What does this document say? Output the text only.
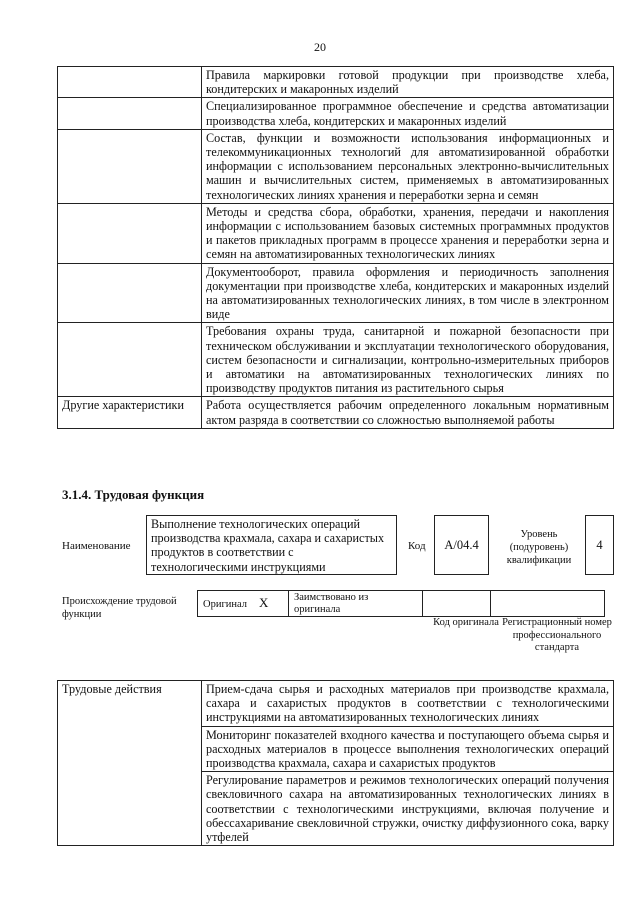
20
	Правила маркировки готовой продукции при производстве хлеба, кондитерских и макаронных изделий
	Специализированное программное обеспечение и средства автоматизации производства хлеба, кондитерских и макаронных изделий
	Состав, функции и возможности использования информационных и телекоммуникационных технологий для автоматизированной обработки информации с использованием персональных электронно-вычислительных машин и вычислительных систем, применяемых в автоматизированных технологических линиях хранения и переработки зерна и семян
	Методы и средства сбора, обработки, хранения, передачи и накопления информации с использованием базовых системных программных продуктов и пакетов прикладных программ в процессе хранения и переработки зерна и семян на автоматизированных технологических линиях
	Документооборот, правила оформления и периодичность заполнения документации при производстве хлеба, кондитерских и макаронных изделий на автоматизированных технологических линиях, в том числе в электронном виде
	Требования охраны труда, санитарной и пожарной безопасности при техническом обслуживании и эксплуатации технологического оборудования, систем безопасности и сигнализации, контрольно-измерительных приборов и автоматики на автоматизированных технологических линиях по производству продуктов питания из растительного сырья
Другие характеристики	Работа осуществляется рабочим определенного локальным нормативным актом разряда в соответствии со сложностью выполняемой работы
3.1.4. Трудовая функция
Наименование
Выполнение технологических операций производства крахмала, сахара и сахаристых продуктов в соответствии с технологическими инструкциями
Код	A/04.4
Уровень (подуровень) квалификации
4
Происхождение трудовой функции
Оригинал X	Заимствовано из оригинала		
Код оригинала Регистрационный номер профессионального стандарта
Трудовые действия	Прием-сдача сырья и расходных материалов при производстве крахмала, сахара и сахаристых продуктов в соответствии с технологическими инструкциями на автоматизированных технологических линиях
	Мониторинг показателей входного качества и поступающего объема сырья и расходных материалов в процессе выполнения технологических операций производства крахмала, сахара и сахаристых продуктов
	Регулирование параметров и режимов технологических операций получения свекловичного сахара на автоматизированных технологических линиях в соответствии с технологическими инструкциями, включая получение и обессахаривание свекловичной стружки, очистку диффузионного сока, варку утфелей
